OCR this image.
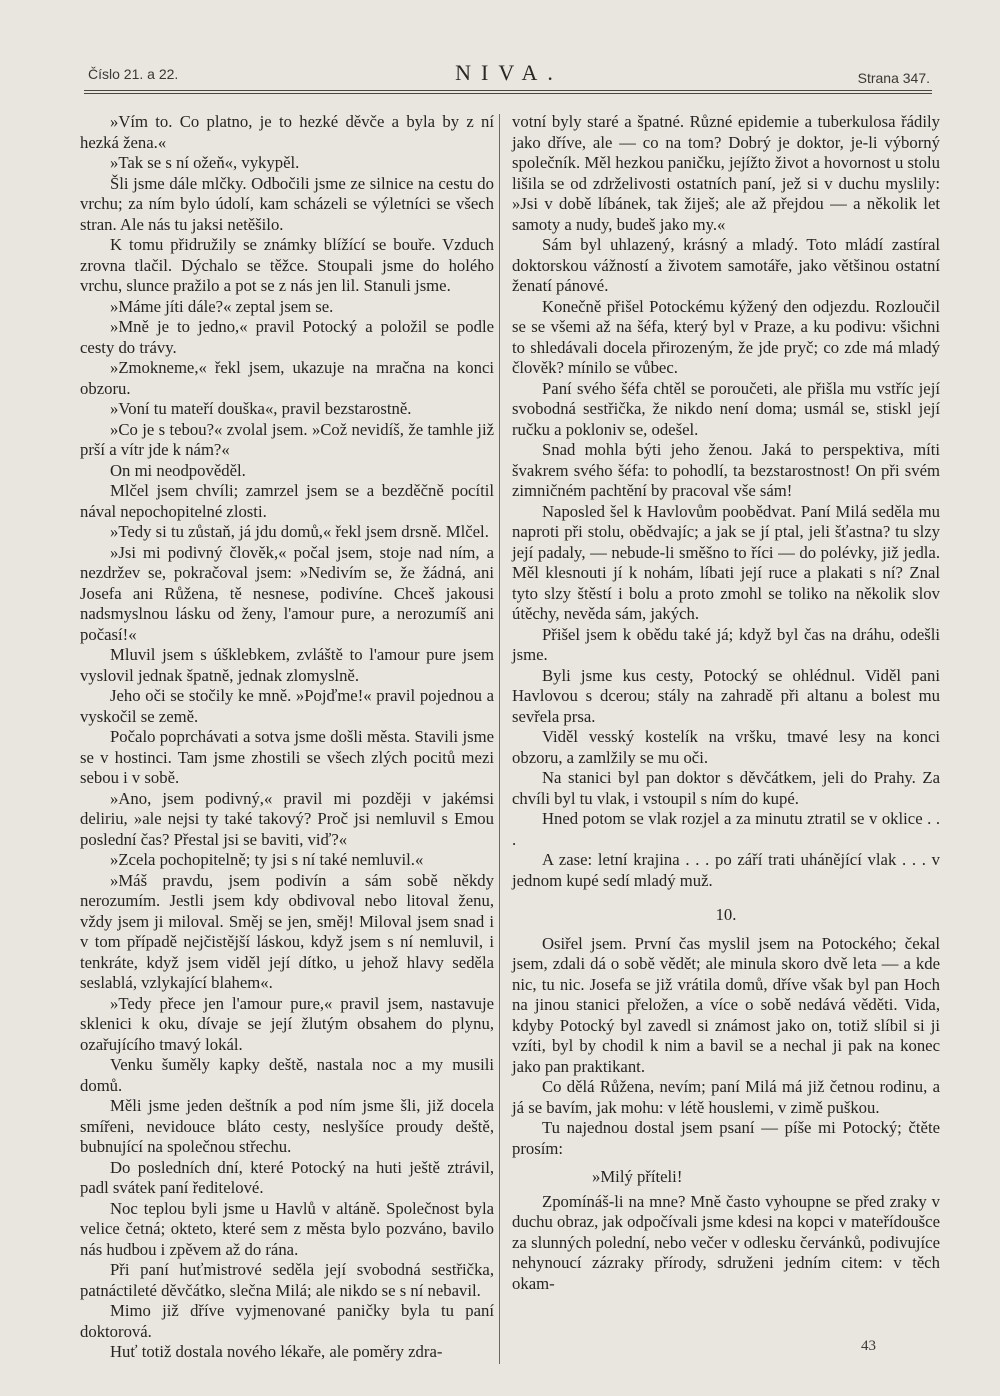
Číslo 21. a 22.	NIVA.	Strana 347.

»Vím to. Co platno, je to hezké děvče a byla by z ní hezká žena.«

»Tak se s ní ožeň«, vykypěl.

Šli jsme dále mlčky. Odbočili jsme ze silnice na cestu do vrchu; za ním bylo údolí, kam scházeli se výletníci se všech stran. Ale nás tu jaksi netěšilo.

K tomu přidružily se známky blížící se bouře. Vzduch zrovna tlačil. Dýchalo se těžce. Stoupali jsme do holého vrchu, slunce pražilo a pot se z nás jen lil. Stanuli jsme.

»Máme jíti dále?« zeptal jsem se.

»Mně je to jedno,« pravil Potocký a položil se podle cesty do trávy.

»Zmokneme,« řekl jsem, ukazuje na mračna na konci obzoru.

»Voní tu mateří douška«, pravil bezstarostně.

»Co je s tebou?« zvolal jsem. »Což nevidíš, že tamhle již prší a vítr jde k nám?«

On mi neodpověděl.

Mlčel jsem chvíli; zamrzel jsem se a bezděčně pocítil nával nepochopitelné zlosti.

»Tedy si tu zůstaň, já jdu domů,« řekl jsem drsně. Mlčel.

»Jsi mi podivný člověk,« počal jsem, stoje nad ním, a nezdržev se, pokračoval jsem: »Nedivím se, že žádná, ani Josefa ani Růžena, tě nesnese, podivíne. Chceš jakousi nadsmyslnou lásku od ženy, l'amour pure, a nerozumíš ani počasí!«

Mluvil jsem s úšklebkem, zvláště to l'amour pure jsem vyslovil jednak špatně, jednak zlomyslně.

Jeho oči se stočily ke mně. »Pojďme!« pravil pojednou a vyskočil se země.

Počalo poprchávati a sotva jsme došli města. Stavili jsme se v hostinci. Tam jsme zhostili se všech zlých pocitů mezi sebou i v sobě.

»Ano, jsem podivný,« pravil mi později v jakémsi deliriu, »ale nejsi ty také takový? Proč jsi nemluvil s Emou poslední čas? Přestal jsi se baviti, viď?«

»Zcela pochopitelně; ty jsi s ní také nemluvil.«

»Máš pravdu, jsem podivín a sám sobě někdy nerozumím. Jestli jsem kdy obdivoval nebo litoval ženu, vždy jsem ji miloval. Směj se jen, směj! Miloval jsem snad i v tom případě nejčistější láskou, když jsem s ní nemluvil, i tenkráte, když jsem viděl její dítko, u jehož hlavy seděla seslablá, vzlykající blahem«.

»Tedy přece jen l'amour pure,« pravil jsem, nastavuje sklenici k oku, dívaje se její žlutým obsahem do plynu, ozařujícího tmavý lokál.

Venku šuměly kapky deště, nastala noc a my musili domů.

Měli jsme jeden deštník a pod ním jsme šli, již docela smířeni, nevidouce bláto cesty, neslyšíce proudy deště, bubnující na společnou střechu.

Do posledních dní, které Potocký na huti ještě ztrávil, padl svátek paní ředitelové.

Noc teplou byli jsme u Havlů v altáně. Společnost byla velice četná; okteto, které sem z města bylo pozváno, bavilo nás hudbou i zpěvem až do rána.

Při paní huťmistrové seděla její svobodná sestřička, patnáctileté děvčátko, slečna Milá; ale nikdo se s ní nebavil.

Mimo již dříve vyjmenované paničky byla tu paní doktorová.

Huť totiž dostala nového lékaře, ale poměry zdra-

votní byly staré a špatné. Různé epidemie a tuberkulosa řádily jako dříve, ale — co na tom? Dobrý je doktor, je-li výborný společník. Měl hezkou paničku, jejížto život a hovornost u stolu lišila se od zdrželivosti ostatních paní, jež si v duchu myslily: »Jsi v době líbánek, tak žiješ; ale až přejdou — a několik let samoty a nudy, budeš jako my.«

Sám byl uhlazený, krásný a mladý. Toto mládí zastíral doktorskou vážností a životem samotáře, jako většinou ostatní ženatí pánové.

Konečně přišel Potockému kýžený den odjezdu. Rozloučil se se všemi až na šéfa, který byl v Praze, a ku podivu: všichni to shledávali docela přirozeným, že jde pryč; co zde má mladý člověk? mínilo se vůbec.

Paní svého šéfa chtěl se poroučeti, ale přišla mu vstříc její svobodná sestřička, že nikdo není doma; usmál se, stiskl její ručku a pokloniv se, odešel.

Snad mohla býti jeho ženou. Jaká to perspektiva, míti švakrem svého šéfa: to pohodlí, ta bezstarostnost! On při svém zimničném pachtění by pracoval vše sám!

Naposled šel k Havlovům poobědvat. Paní Milá seděla mu naproti při stolu, obědvajíc; a jak se jí ptal, jeli šťastna? tu slzy její padaly, — nebude-li směšno to říci — do polévky, již jedla. Měl klesnouti jí k nohám, líbati její ruce a plakati s ní? Znal tyto slzy štěstí i bolu a proto zmohl se toliko na několik slov útěchy, nevěda sám, jakých.

Přišel jsem k obědu také já; když byl čas na dráhu, odešli jsme.

Byli jsme kus cesty, Potocký se ohlédnul. Viděl pani Havlovou s dcerou; stály na zahradě při altanu a bolest mu sevřela prsa.

Viděl vesský kostelík na vršku, tmavé lesy na konci obzoru, a zamlžily se mu oči.

Na stanici byl pan doktor s děvčátkem, jeli do Prahy. Za chvíli byl tu vlak, i vstoupil s ním do kupé.

Hned potom se vlak rozjel a za minutu ztratil se v oklice . . .

A zase: letní krajina . . . po září trati uhánějící vlak . . . v jednom kupé sedí mladý muž.

10.

Osiřel jsem. První čas myslil jsem na Potockého; čekal jsem, zdali dá o sobě vědět; ale minula skoro dvě leta — a kde nic, tu nic. Josefa se již vrátila domů, dříve však byl pan Hoch na jinou stanici přeložen, a více o sobě nedává věděti. Vida, kdyby Potocký byl zavedl si známost jako on, totiž slíbil si ji vzíti, byl by chodil k nim a bavil se a nechal ji pak na konec jako pan praktikant.

Co dělá Růžena, nevím; paní Milá má již četnou rodinu, a já se bavím, jak mohu: v létě houslemi, v zimě puškou.

Tu najednou dostal jsem psaní — píše mi Potocký; čtěte prosím:

»Milý příteli!

Zpomínáš-li na mne? Mně často vyhoupne se před zraky v duchu obraz, jak odpočívali jsme kdesi na kopci v mateřídoušce za slunných polední, nebo večer v odlesku červánků, podivujíce nehynoucí zázraky přírody, sdruženi jedním citem: v těch okam-

43
